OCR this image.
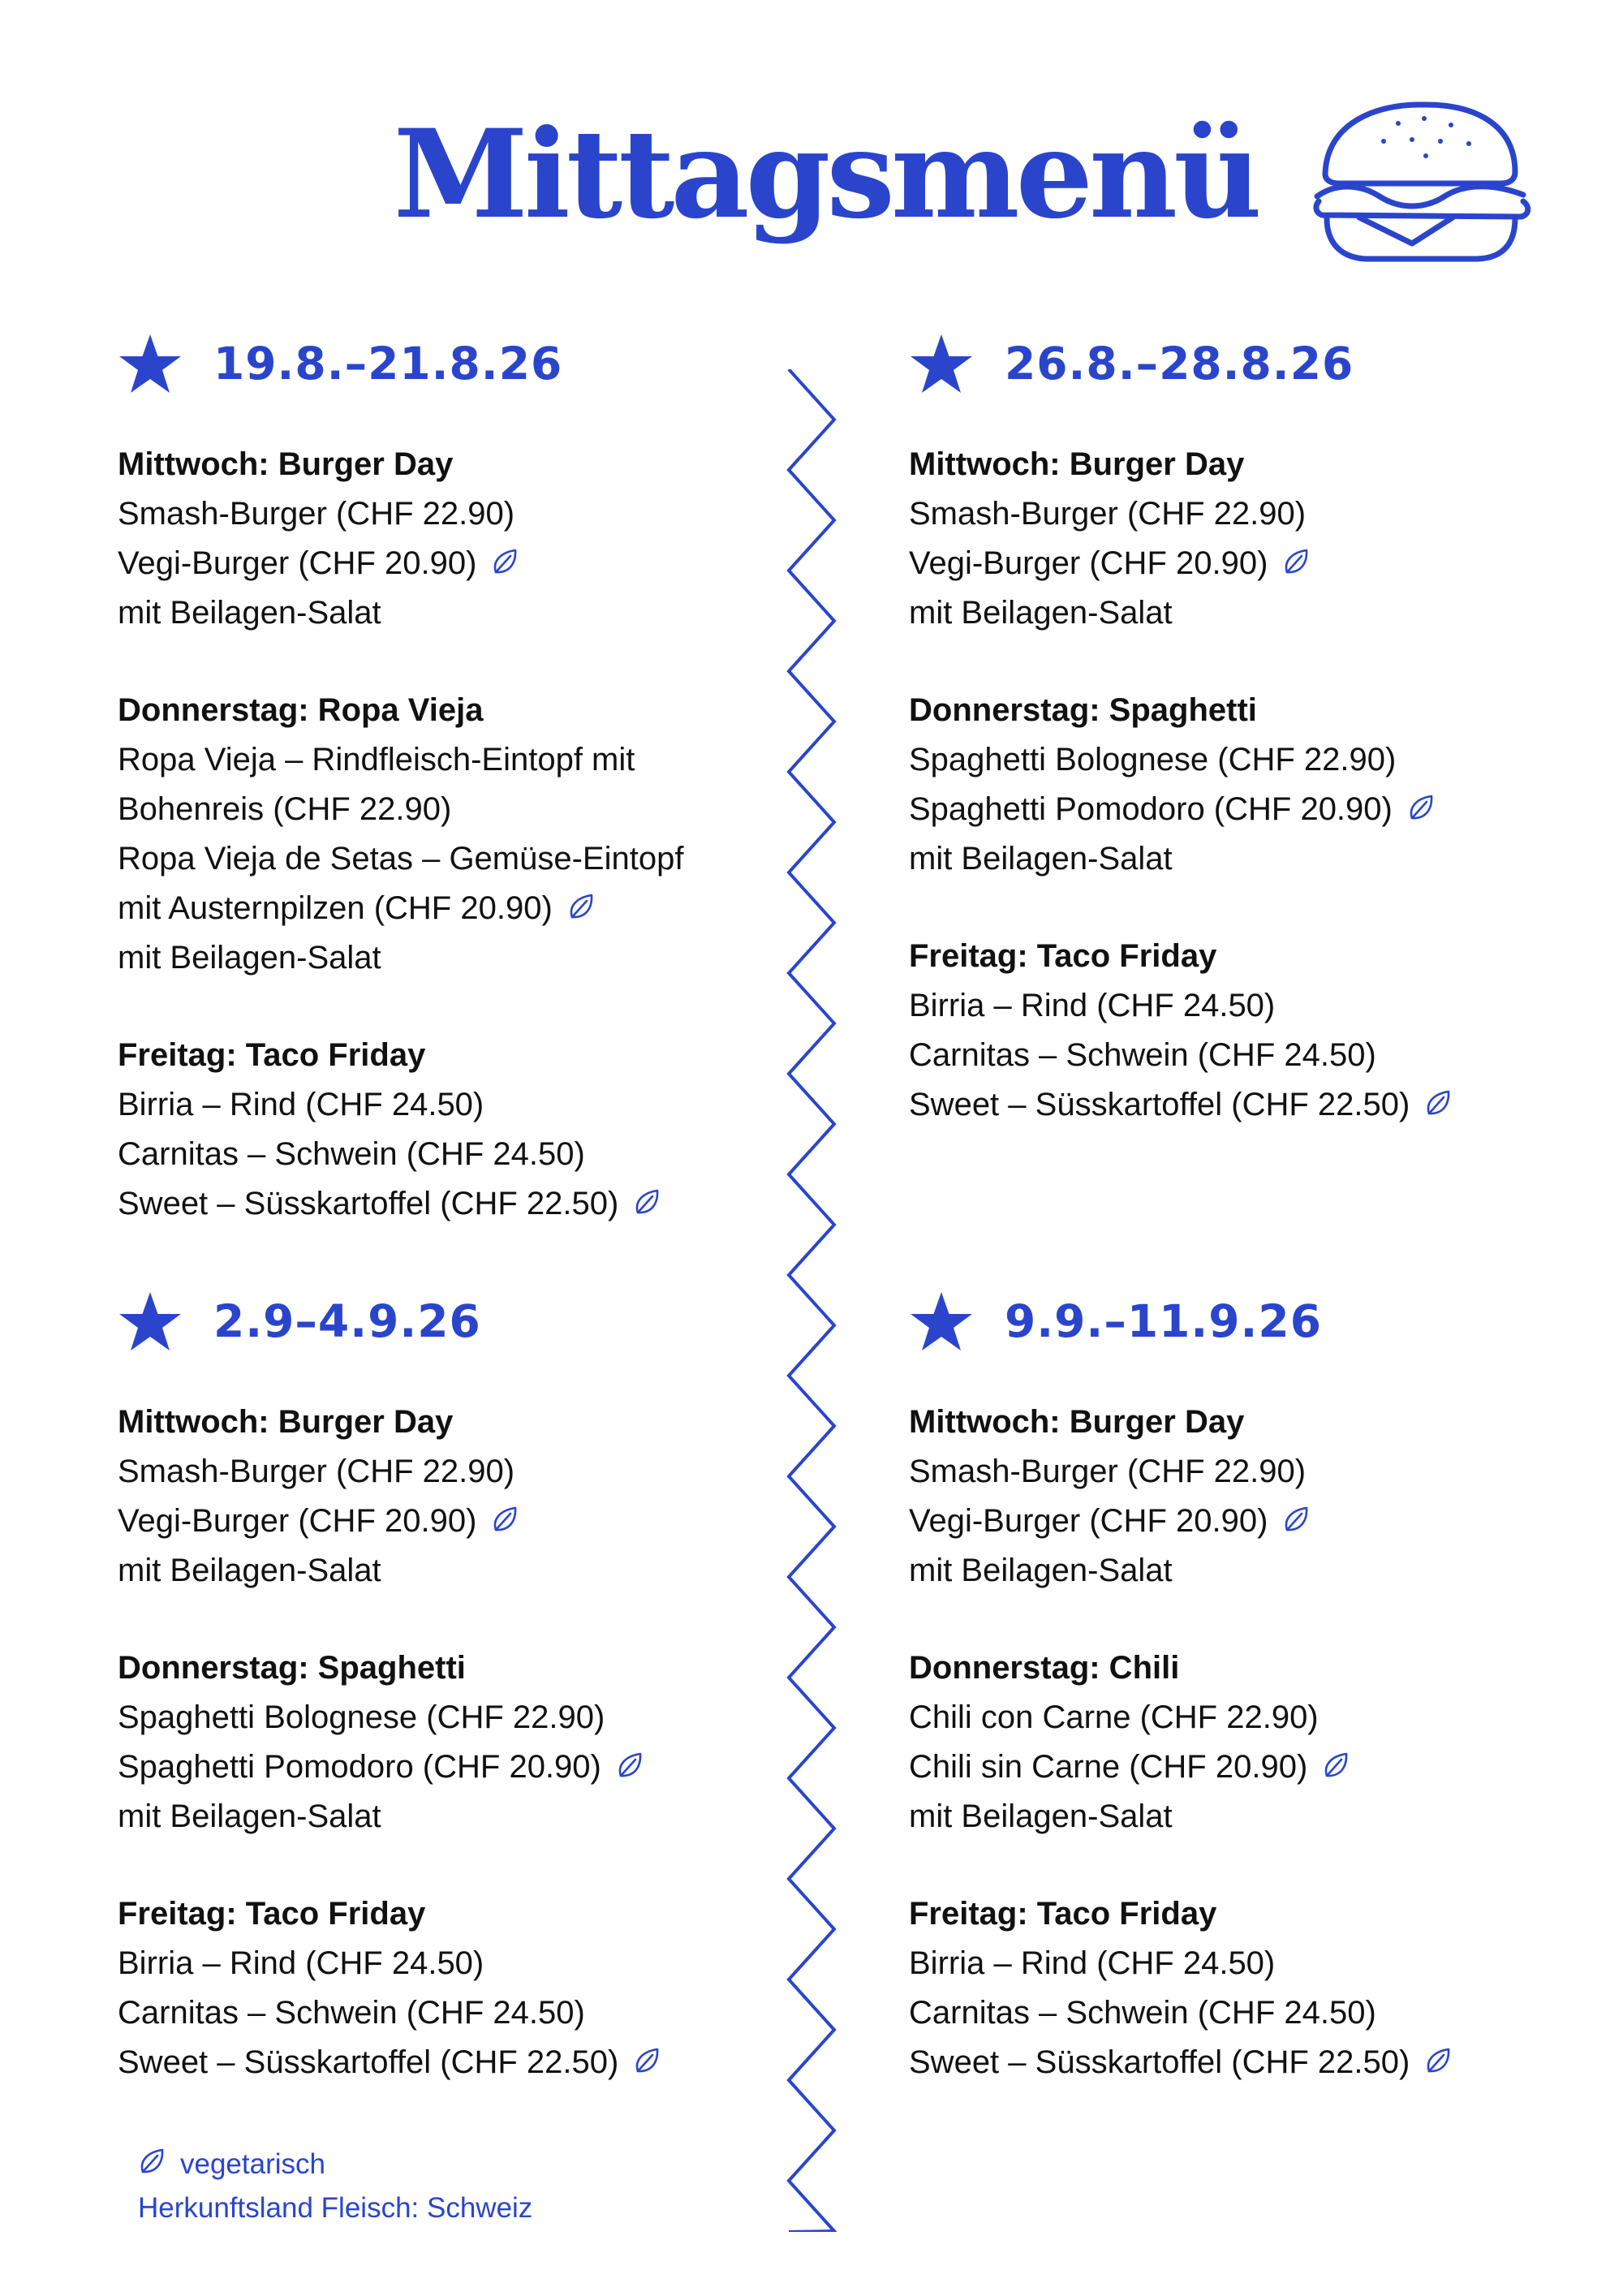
Mittagsmenü
19.8.–21.8.26

Mittwoch: Burger Day

Smash-Burger (CHF 22.90)

Vegi-Burger (CHF 20.90)

mit Beilagen-Salat

Donnerstag: Ropa Vieja

Ropa Vieja – Rindfleisch-Eintopf mit

Bohenreis (CHF 22.90)

Ropa Vieja de Setas – Gemüse-Eintopf

mit Austernpilzen (CHF 20.90)

mit Beilagen-Salat

Freitag: Taco Friday

Birria – Rind (CHF 24.50)

Carnitas – Schwein (CHF 24.50)

Sweet – Süsskartoffel (CHF 22.50)

26.8.–28.8.26

Mittwoch: Burger Day

Smash-Burger (CHF 22.90)

Vegi-Burger (CHF 20.90)

mit Beilagen-Salat

Donnerstag: Spaghetti

Spaghetti Bolognese (CHF 22.90)

Spaghetti Pomodoro (CHF 20.90)

mit Beilagen-Salat

Freitag: Taco Friday

Birria – Rind (CHF 24.50)

Carnitas – Schwein (CHF 24.50)

Sweet – Süsskartoffel (CHF 22.50)

2.9–4.9.26

Mittwoch: Burger Day

Smash-Burger (CHF 22.90)

Vegi-Burger (CHF 20.90)

mit Beilagen-Salat

Donnerstag: Spaghetti

Spaghetti Bolognese (CHF 22.90)

Spaghetti Pomodoro (CHF 20.90)

mit Beilagen-Salat

Freitag: Taco Friday

Birria – Rind (CHF 24.50)

Carnitas – Schwein (CHF 24.50)

Sweet – Süsskartoffel (CHF 22.50)

9.9.–11.9.26

Mittwoch: Burger Day

Smash-Burger (CHF 22.90)

Vegi-Burger (CHF 20.90)

mit Beilagen-Salat

Donnerstag: Chili

Chili con Carne (CHF 22.90)

Chili sin Carne (CHF 20.90)

mit Beilagen-Salat

Freitag: Taco Friday

Birria – Rind (CHF 24.50)

Carnitas – Schwein (CHF 24.50)

Sweet – Süsskartoffel (CHF 22.50)

vegetarisch
Herkunftsland Fleisch: Schweiz
